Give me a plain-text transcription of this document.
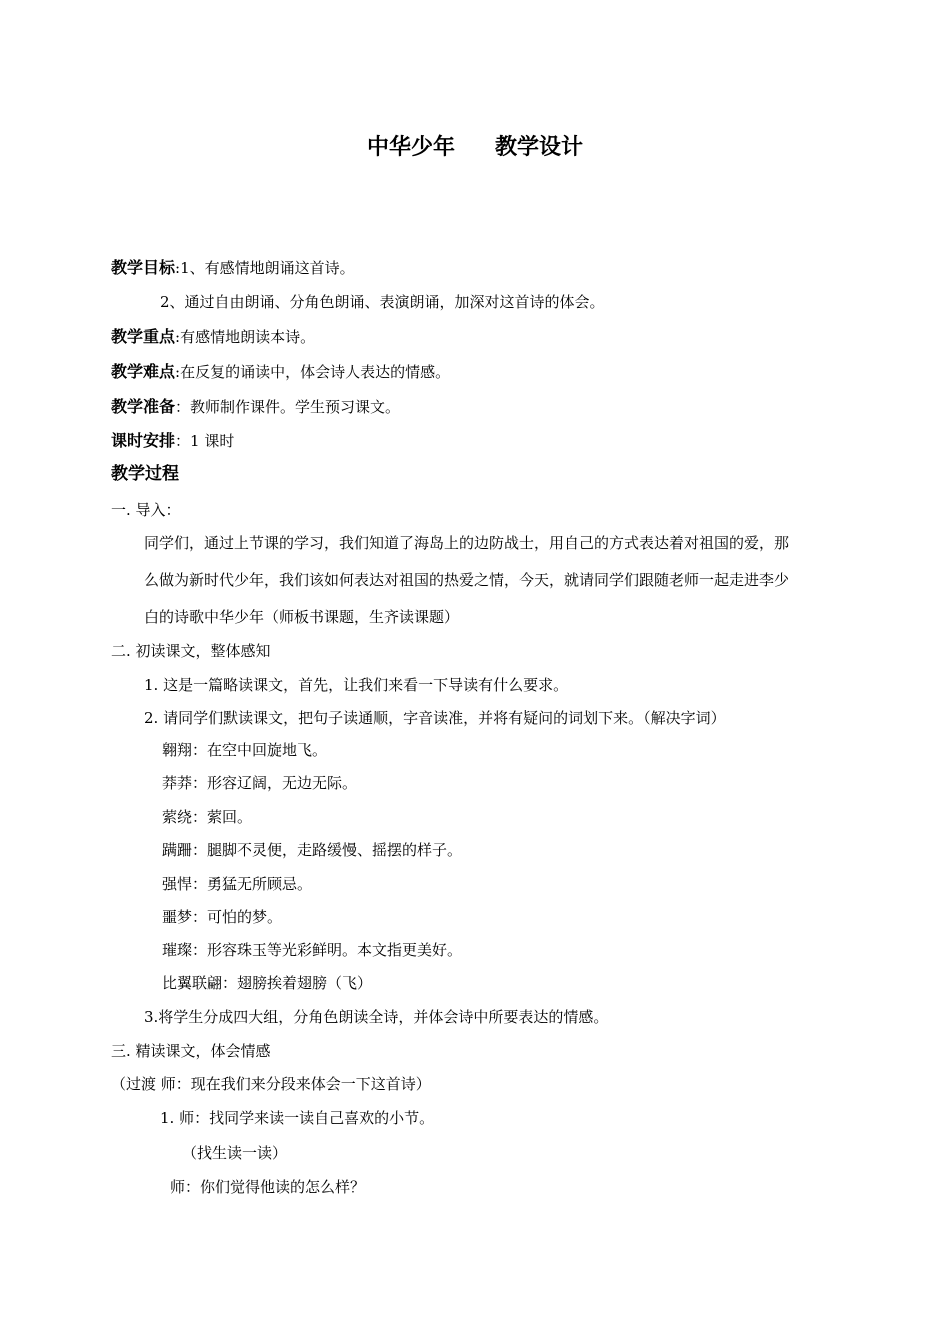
中华少年 教学设计
教学目标:1、有感情地朗诵这首诗。
2、通过自由朗诵、分角色朗诵、表演朗诵，加深对这首诗的体会。
教学重点:有感情地朗读本诗。
教学难点:在反复的诵读中，体会诗人表达的情感。
教学准备：教师制作课件。学生预习课文。
课时安排：1 课时
教学过程
一. 导入：
同学们，通过上节课的学习，我们知道了海岛上的边防战士，用自己的方式表达着对祖国的爱，那
么做为新时代少年，我们该如何表达对祖国的热爱之情，今天，就请同学们跟随老师一起走进李少
白的诗歌中华少年（师板书课题，生齐读课题）
二. 初读课文，整体感知
1. 这是一篇略读课文，首先，让我们来看一下导读有什么要求。
2. 请同学们默读课文，把句子读通顺，字音读准，并将有疑问的词划下来。（解决字词）
翱翔：在空中回旋地飞。
莽莽：形容辽阔，无边无际。
萦绕：萦回。
蹒跚：腿脚不灵便，走路缓慢、摇摆的样子。
强悍：勇猛无所顾忌。
噩梦：可怕的梦。
璀璨：形容珠玉等光彩鲜明。本文指更美好。
比翼联翩：翅膀挨着翅膀（飞）
3.将学生分成四大组，分角色朗读全诗，并体会诗中所要表达的情感。
三. 精读课文，体会情感
（过渡 师：现在我们来分段来体会一下这首诗）
1. 师：找同学来读一读自己喜欢的小节。
（找生读一读）
师：你们觉得他读的怎么样？
